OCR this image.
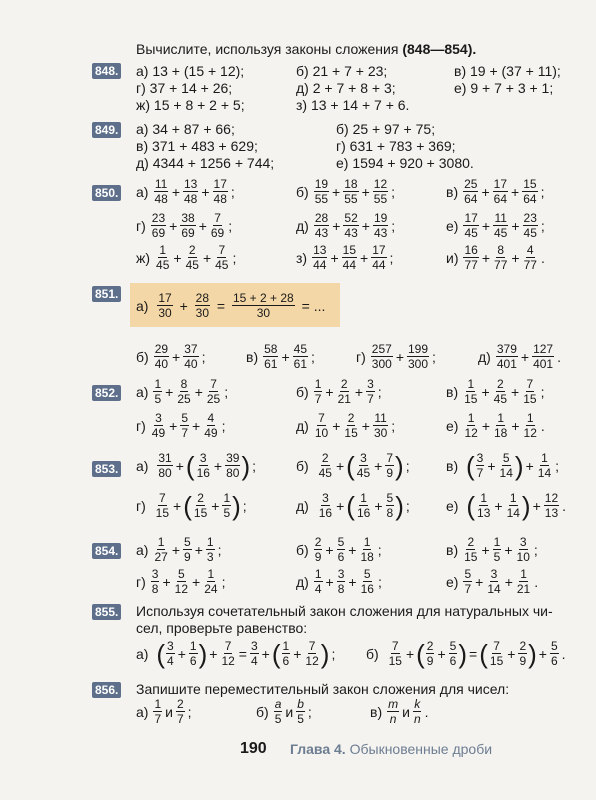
Вычислите, используя законы сложения (848—854).
848. а) 13 + (15 + 12);	б) 21 + 7 + 23;	в) 19 + (37 + 11);
г) 37 + 14 + 26;	д) 2 + 7 + 8 + 3;	е) 9 + 7 + 3 + 1;
ж) 15 + 8 + 2 + 5;	з) 13 + 14 + 7 + 6.
849. а) 34 + 87 + 66;	б) 25 + 97 + 75;
в) 371 + 483 + 629;	г) 631 + 783 + 369;
д) 4344 + 1256 + 744;	е) 1594 + 920 + 3080.
850. $а) \frac{11}{48} + \frac{13}{48} + \frac{17}{48}$ ;	$б) \frac{19}{55} + \frac{18}{55} + \frac{12}{55}$ ;	$в) \frac{25}{64} + \frac{17}{64} + \frac{15}{64}$ ;
$г) \frac{23}{69} + \frac{38}{69} + \frac{7}{69}$ ;	$д) \frac{28}{43} + \frac{52}{43} + \frac{19}{43}$ ;	$е) \frac{17}{45} + \frac{11}{45} + \frac{23}{45}$ ;
$ж) \frac{1}{45} + \frac{2}{45} + \frac{7}{45}$ ;	$з) \frac{13}{44} + \frac{15}{44} + \frac{17}{44}$ ;	$и) \frac{16}{77} + \frac{8}{77} + \frac{4}{77}$ .
851.
$а) \frac{17}{30} + \frac{28}{30} = \frac{15 + 2 + 28}{30}$ = ...
$б) \frac{29}{40} + \frac{37}{40}$ ;	$в) \frac{58}{61} + \frac{45}{61}$ ;	$г) \frac{257}{300} + \frac{199}{300}$ ;	$д) \frac{379}{401} + \frac{127}{401}$ .
852. $а) \frac{1}{5} + \frac{8}{25} + \frac{7}{25}$ ;	$б) \frac{1}{7} + \frac{2}{21} + \frac{3}{7}$ ;	$в) \frac{1}{15} + \frac{2}{45} + \frac{7}{15}$ ;
$г) \frac{3}{49} + \frac{5}{7} + \frac{4}{49}$ ;	$д) \frac{7}{10} + \frac{2}{15} + \frac{11}{30}$ ;	$е) \frac{1}{12} + \frac{1}{18} + \frac{1}{12}$ .
853. $а) \frac{31}{80}$ +( $\frac{3}{16} + \frac{39}{80}$ ) ;	$б) \frac{2}{45}$ +( $\frac{3}{45} + \frac{7}{9}$ ) ;	в) ( $\frac{3}{7} + \frac{5}{14}$ ) + $\frac{1}{14}$ ;
$г) \frac{7}{15}$ +( $\frac{2}{15} + \frac{1}{5}$ ) ;	$д) \frac{3}{16}$ +( $\frac{1}{16} + \frac{5}{8}$ ) ;	е) ( $\frac{1}{13} + \frac{1}{14}$ ) + $\frac{12}{13}$ .
854. $а) \frac{1}{27} + \frac{5}{9} + \frac{1}{3}$ ;	$б) \frac{2}{9} + \frac{5}{6} + \frac{1}{18}$ ;	$в) \frac{2}{15} + \frac{1}{5} + \frac{3}{10}$ ;
$г) \frac{3}{8} + \frac{5}{12} + \frac{1}{24}$ ;	$д) \frac{1}{4} + \frac{3}{8} + \frac{5}{16}$ ;	$е) \frac{5}{7} + \frac{3}{14} + \frac{1}{21}$ .
855. Используя сочетательный закон сложения для натуральных чи-
сел, проверьте равенство:
а) ( $\frac{3}{4} + \frac{1}{6}$ ) + $\frac{7}{12} = \frac{3}{4}$ +( $\frac{1}{6} + \frac{7}{12}$ ) ; $б) \frac{7}{15}$ +( $\frac{2}{9} + \frac{5}{6}$ ) =( $\frac{7}{15} + \frac{2}{9}$ ) + $\frac{5}{6}$ .
856. Запишите переместительный закон сложения для чисел:
$а) \frac{1}{7}$ и $\frac{2}{7}$ ;	$б) \frac{a}{5}$ и $\frac{b}{5}$ ;	$в) \frac{m}{n}$ и $\frac{k}{n}$ .
190 Глава 4. Обыкновенные дроби
